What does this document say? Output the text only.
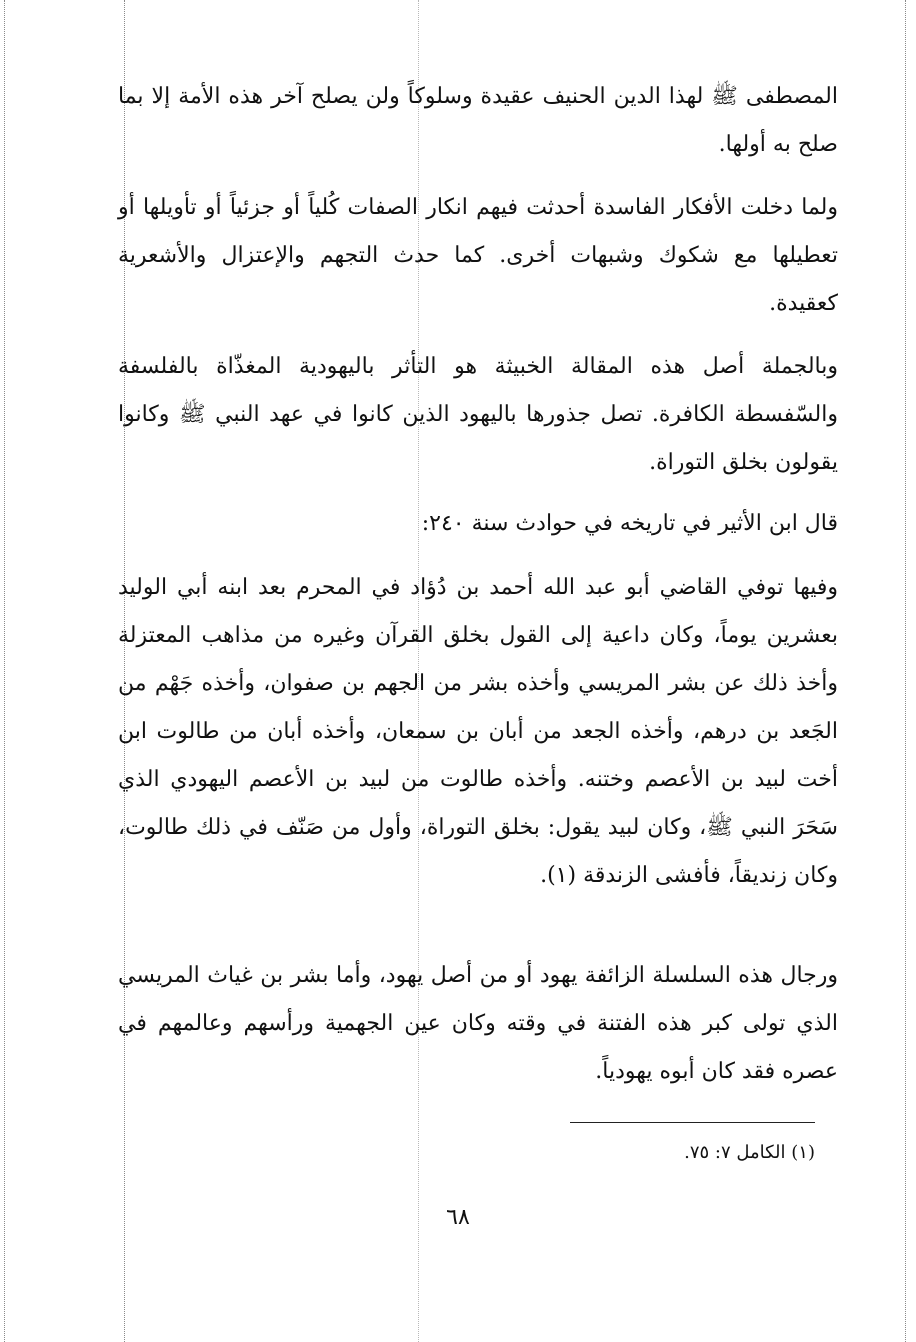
المصطفى ﷺ لهذا الدين الحنيف عقيدة وسلوكاً ولن يصلح آخر هذه الأمة إلا بما صلح به أولها.

ولما دخلت الأفكار الفاسدة أحدثت فيهم انكار الصفات كُلياً أو جزئياً أو تأويلها أو تعطيلها مع شكوك وشبهات أخرى. كما حدث التجهم والإعتزال والأشعرية كعقيدة.

وبالجملة أصل هذه المقالة الخبيثة هو التأثر باليهودية المغذّاة بالفلسفة والسّفسطة الكافرة. تصل جذورها باليهود الذين كانوا في عهد النبي ﷺ وكانوا يقولون بخلق التوراة.

قال ابن الأثير في تاريخه في حوادث سنة ٢٤٠:

وفيها توفي القاضي أبو عبد الله أحمد بن دُؤاد في المحرم بعد ابنه أبي الوليد بعشرين يوماً، وكان داعية إلى القول بخلق القرآن وغيره من مذاهب المعتزلة وأخذ ذلك عن بشر المريسي وأخذه بشر من الجهم بن صفوان، وأخذه جَهْم من الجَعد بن درهم، وأخذه الجعد من أبان بن سمعان، وأخذه أبان من طالوت ابن أخت لبيد بن الأعصم وختنه. وأخذه طالوت من لبيد بن الأعصم اليهودي الذي سَحَرَ النبي ﷺ، وكان لبيد يقول: بخلق التوراة، وأول من صَنّف في ذلك طالوت، وكان زنديقاً، فأفشى الزندقة (١).

ورجال هذه السلسلة الزائفة يهود أو من أصل يهود، وأما بشر بن غياث المريسي الذي تولى كبر هذه الفتنة في وقته وكان عين الجهمية ورأسهم وعالمهم في عصره فقد كان أبوه يهودياً.

(١) الكامل ٧: ٧٥.
٦٨
